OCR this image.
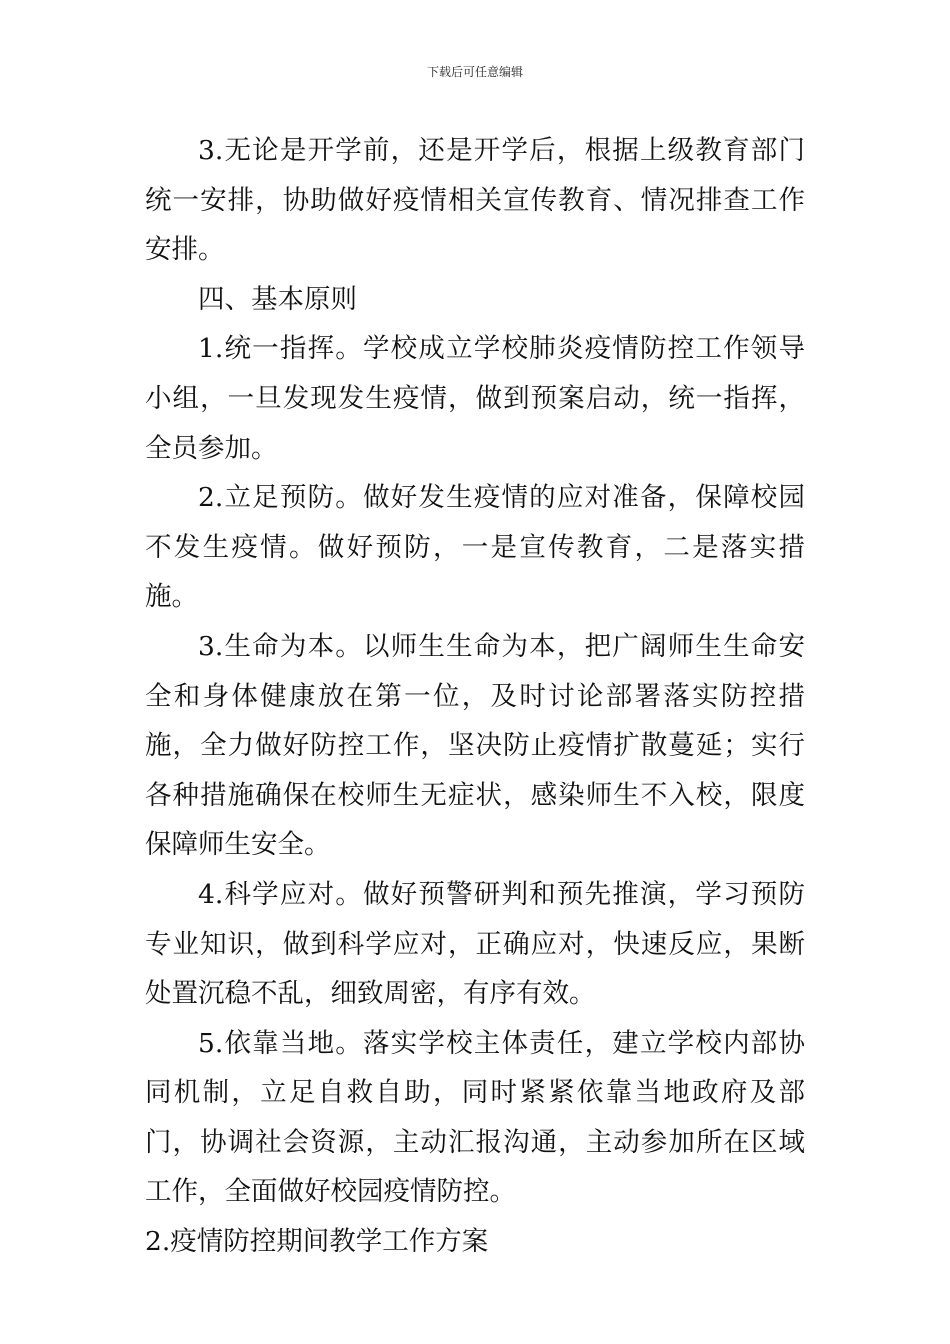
下载后可任意编辑

3.无论是开学前，还是开学后，根据上级教育部门统一安排，协助做好疫情相关宣传教育、情况排查工作安排。

四、基本原则

1.统一指挥。学校成立学校肺炎疫情防控工作领导小组，一旦发现发生疫情，做到预案启动，统一指挥，全员参加。

2.立足预防。做好发生疫情的应对准备，保障校园不发生疫情。做好预防，一是宣传教育，二是落实措施。

3.生命为本。以师生生命为本，把广阔师生生命安全和身体健康放在第一位，及时讨论部署落实防控措施，全力做好防控工作，坚决防止疫情扩散蔓延；实行各种措施确保在校师生无症状，感染师生不入校，限度保障师生安全。

4.科学应对。做好预警研判和预先推演，学习预防专业知识，做到科学应对，正确应对，快速反应，果断处置沉稳不乱，细致周密，有序有效。

5.依靠当地。落实学校主体责任，建立学校内部协同机制，立足自救自助，同时紧紧依靠当地政府及部门，协调社会资源，主动汇报沟通，主动参加所在区域工作，全面做好校园疫情防控。

2.疫情防控期间教学工作方案
